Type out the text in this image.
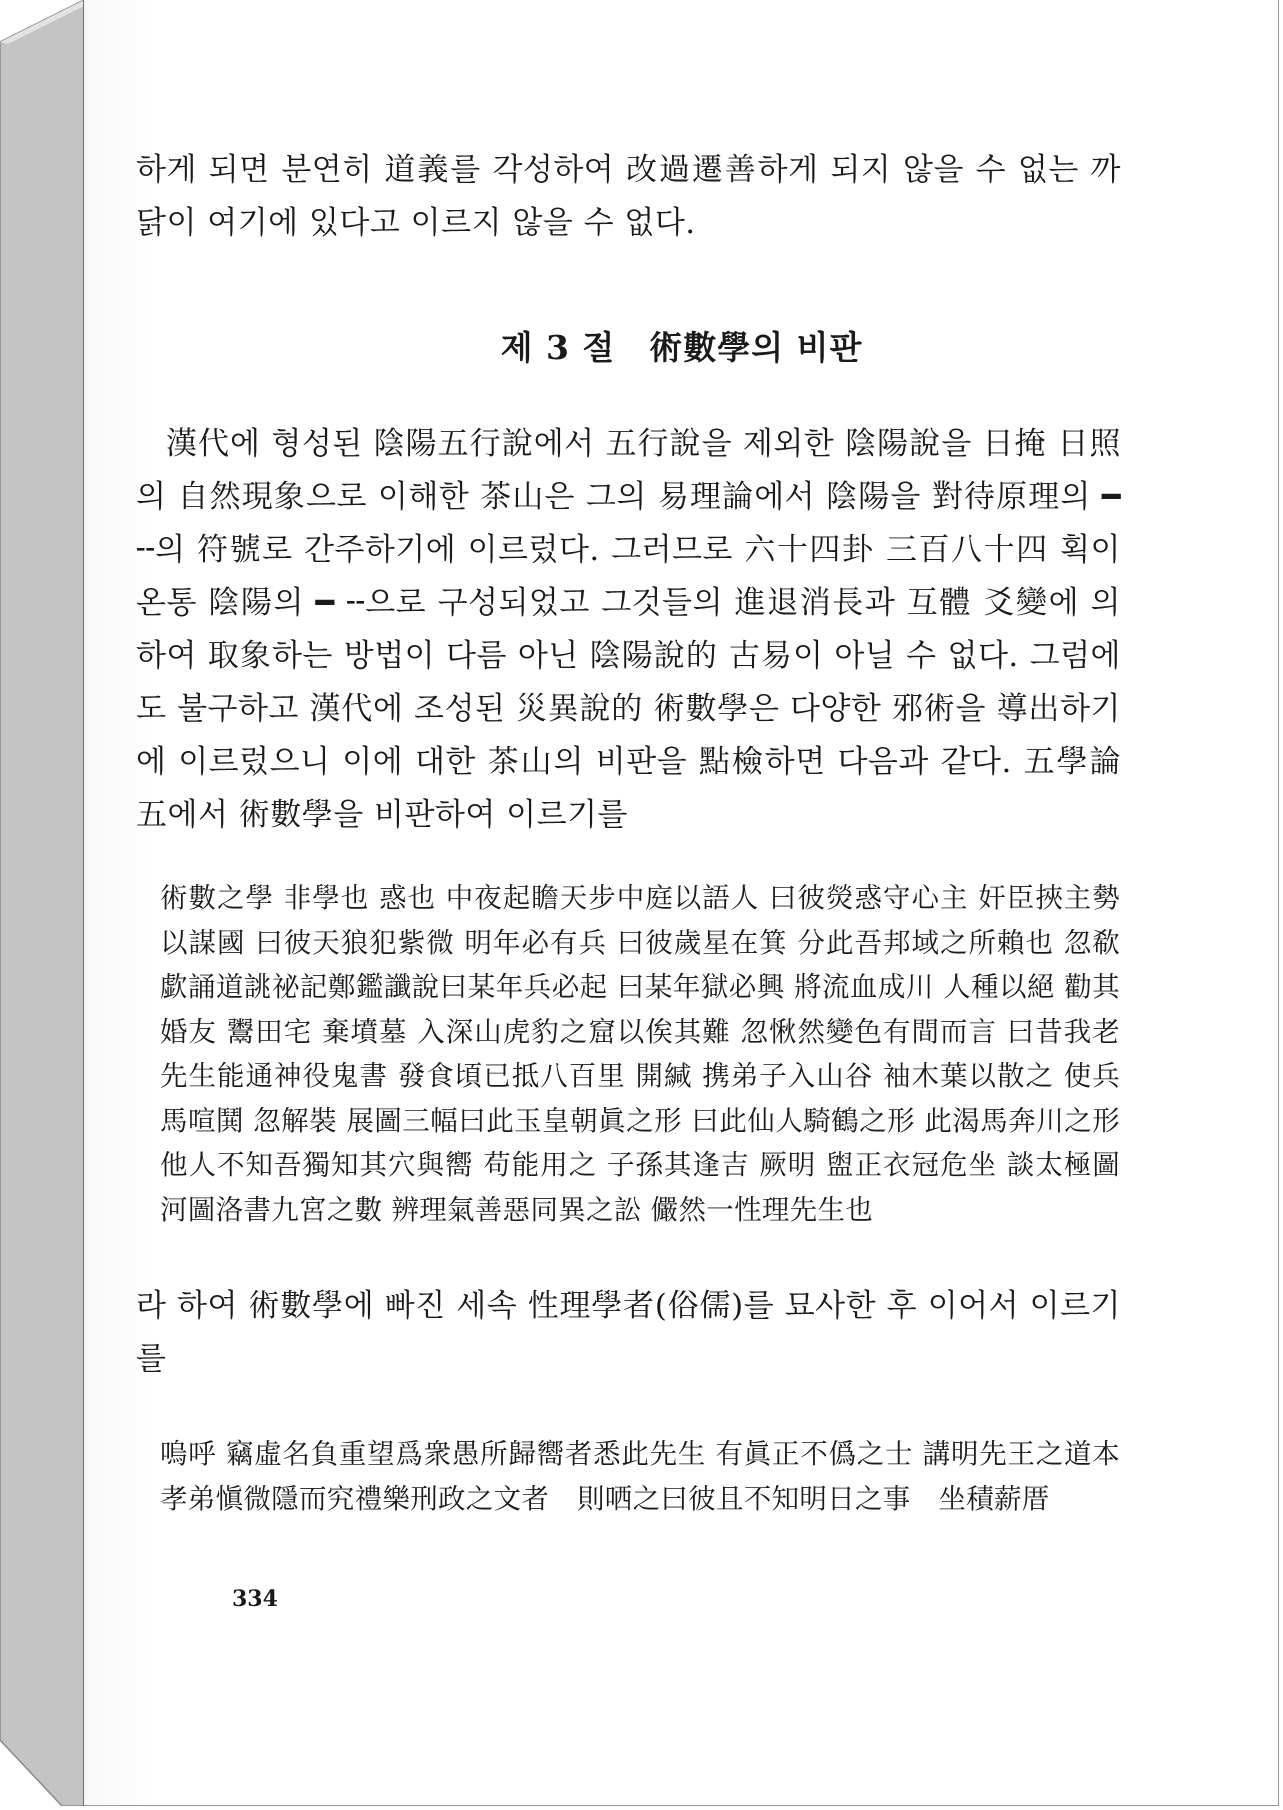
하게 되면 분연히 道義를 각성하여 改過遷善하게 되지 않을 수 없는 까닭이 여기에 있다고 이르지 않을 수 없다.

제 3 절　術數學의 비판

漢代에 형성된 陰陽五行說에서 五行說을 제외한 陰陽說을 日掩 日照의 自然現象으로 이해한 茶山은 그의 易理論에서 陰陽을 對待原理의 ━ ╌의 符號로 간주하기에 이르렀다. 그러므로 六十四卦 三百八十四 획이 온통 陰陽의 ━ ╌으로 구성되었고 그것들의 進退消長과 互體 爻變에 의하여 取象하는 방법이 다름 아닌 陰陽說的 古易이 아닐 수 없다. 그럼에도 불구하고 漢代에 조성된 災異說的 術數學은 다양한 邪術을 導出하기에 이르렀으니 이에 대한 茶山의 비판을 點檢하면 다음과 같다. 五學論五에서 術數學을 비판하여 이르기를

術數之學 非學也 惑也 中夜起瞻天步中庭以語人 曰彼熒惑守心主 奸臣挾主勢以謀國 曰彼天狼犯紫微 明年必有兵 曰彼歲星在箕 分此吾邦域之所賴也 忽欷歔誦道誂祕記鄭鑑讖說曰某年兵必起 曰某年獄必興 將流血成川 人種以絕 勸其婚友 鬻田宅 棄墳墓 入深山虎豹之窟以俟其難 忽愀然變色有間而言 曰昔我老先生能通神役鬼書 發食頃已抵八百里 開緘 携弟子入山谷 袖木葉以散之 使兵馬喧鬨 忽解裝 展圖三幅曰此玉皇朝眞之形 曰此仙人騎鶴之形 此渴馬奔川之形 他人不知吾獨知其穴與嚮 苟能用之 子孫其逢吉 厥明 盥正衣冠危坐 談太極圖河圖洛書九宮之數 辨理氣善惡同異之訟 儼然一性理先生也

라 하여 術數學에 빠진 세속 性理學者(俗儒)를 묘사한 후 이어서 이르기를

嗚呼 竊虛名負重望爲衆愚所歸嚮者悉此先生 有眞正不僞之士 講明先王之道本孝弟愼微隱而究禮樂刑政之文者　則哂之曰彼且不知明日之事　坐積薪厝

334
